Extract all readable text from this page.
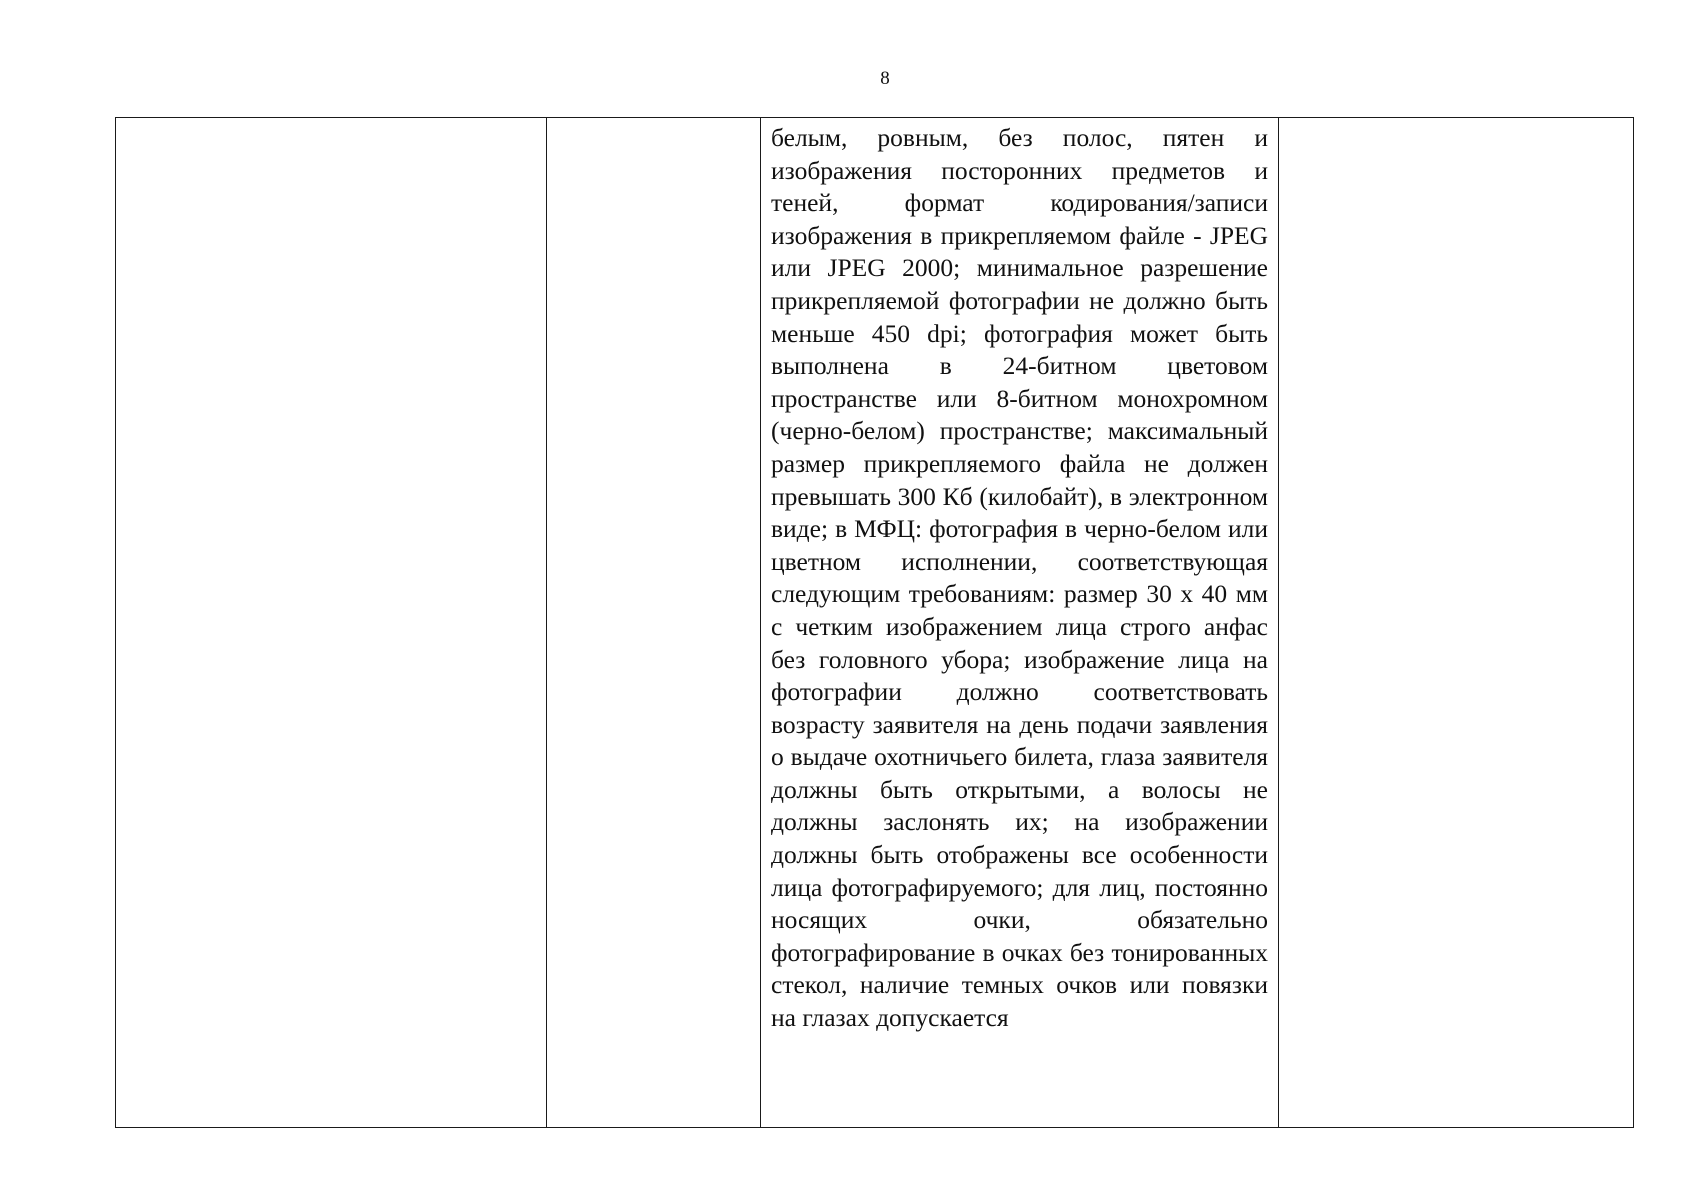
8

белым, ровным, без полос, пятен и изображения посторонних предметов и теней, формат кодирования/записи изображения в прикрепляемом файле - JPEG или JPEG 2000; минимальное разрешение прикрепляемой фотографии не должно быть меньше 450 dpi; фотография может быть выполнена в 24-битном цветовом пространстве или 8-битном монохромном (черно-белом) пространстве; максимальный размер прикрепляемого файла не должен превышать 300 Кб (килобайт), в электронном виде; в МФЦ: фотография в черно-белом или цветном исполнении, соответствующая следующим требованиям: размер 30 х 40 мм с четким изображением лица строго анфас без головного убора; изображение лица на фотографии должно соответствовать возрасту заявителя на день подачи заявления о выдаче охотничьего билета, глаза заявителя должны быть открытыми, а волосы не должны заслонять их; на изображении должны быть отображены все особенности лица фотографируемого; для лиц, постоянно носящих очки, обязательно фотографирование в очках без тонированных стекол, наличие темных очков или повязки на глазах допускается
